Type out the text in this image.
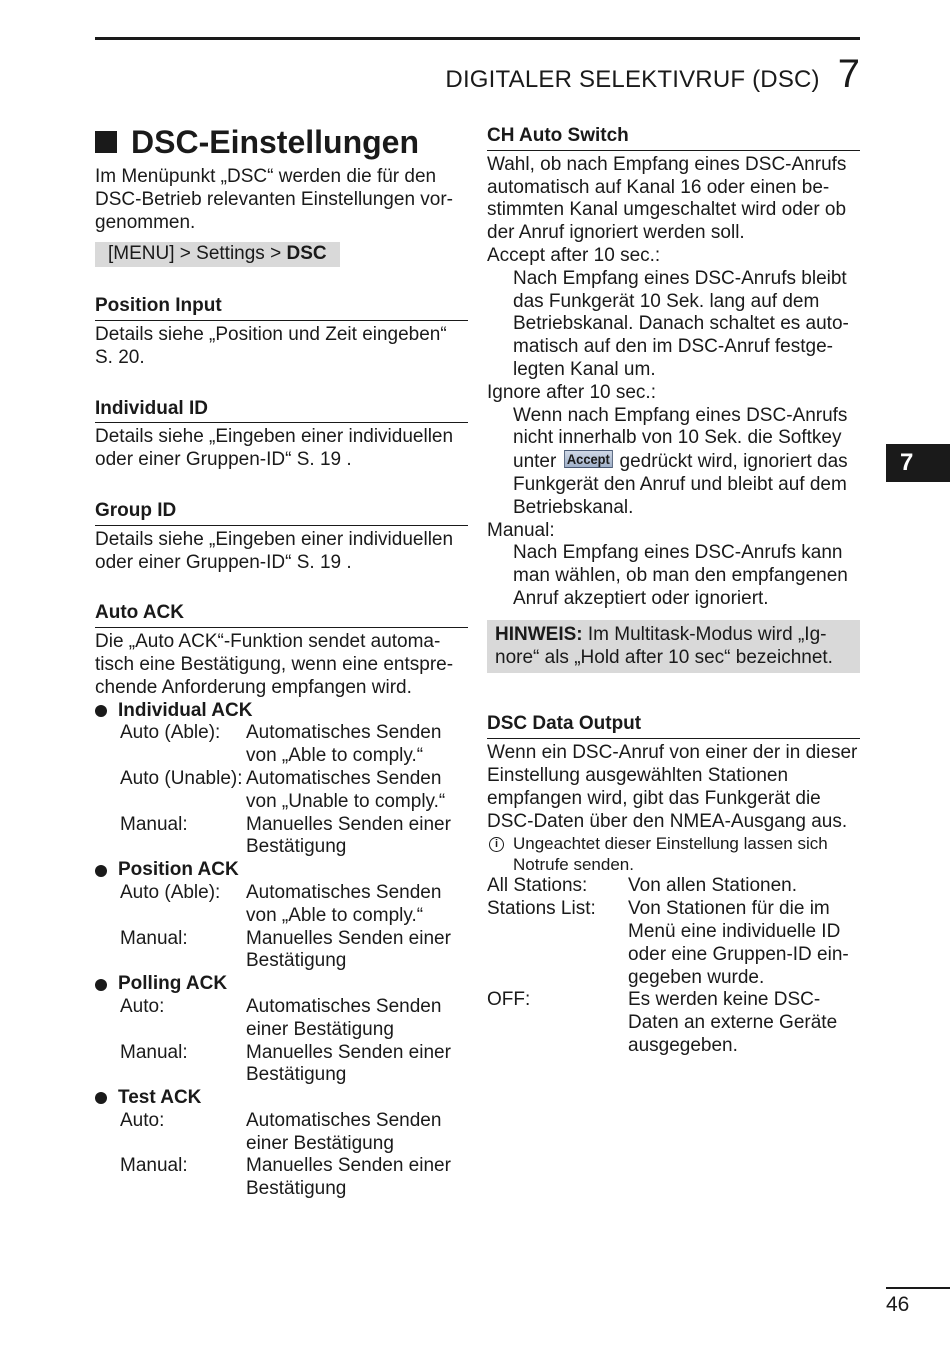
DIGITALER SELEKTIVRUF (DSC) 7
DSC-Einstellungen

Im Menüpunkt „DSC“ werden die für den DSC-Betrieb relevanten Einstellungen vor-genommen.

[MENU] > Settings > DSC
Position Input

Details siehe „Position und Zeit eingeben“ S. 20.

Individual ID

Details siehe „Eingeben einer individuellen oder einer Gruppen-ID“ S. 19 .

Group ID

Details siehe „Eingeben einer individuellen oder einer Gruppen-ID“ S. 19 .

Auto ACK

Die „Auto ACK“-Funktion sendet automa-tisch eine Bestätigung, wenn eine entspre-chende Anforderung empfangen wird.

Individual ACK
Auto (Able):	Automatisches Senden von „Able to comply.“
Auto (Unable): Automatisches Senden von „Unable to comply.“
Manual:	Manuelles Senden einer Bestätigung
Position ACK
Auto (Able):	Automatisches Senden von „Able to comply.“
Manual:	Manuelles Senden einer Bestätigung
Polling ACK
Auto:	Automatisches Senden einer Bestätigung
Manual:	Manuelles Senden einer Bestätigung
Test ACK
Auto:	Automatisches Senden einer Bestätigung
Manual:	Manuelles Senden einer Bestätigung
CH Auto Switch

Wahl, ob nach Empfang eines DSC-Anrufs automatisch auf Kanal 16 oder einen be-stimmten Kanal umgeschaltet wird oder ob der Anruf ignoriert werden soll.

Accept after 10 sec.:
Nach Empfang eines DSC-Anrufs bleibt das Funkgerät 10 Sek. lang auf dem Betriebskanal. Danach schaltet es auto-matisch auf den im DSC-Anruf festge-legten Kanal um.
Ignore after 10 sec.:
Wenn nach Empfang eines DSC-Anrufs nicht innerhalb von 10 Sek. die Softkey unter Accept gedrückt wird, ignoriert das Funkgerät den Anruf und bleibt auf dem Betriebskanal.
Manual:
Nach Empfang eines DSC-Anrufs kann man wählen, ob man den empfangenen Anruf akzeptiert oder ignoriert.
HINWEIS: Im Multitask-Modus wird „Ig-nore“ als „Hold after 10 sec“ bezeichnet.
DSC Data Output

Wenn ein DSC-Anruf von einer der in dieser Einstellung ausgewählten Stationen empfangen wird, gibt das Funkgerät die DSC-Daten über den NMEA-Ausgang aus.

i Ungeachtet dieser Einstellung lassen sich Notrufe senden.
All Stations:	Von allen Stationen.
Stations List:	Von Stationen für die im Menü eine individuelle ID oder eine Gruppen-ID ein-gegeben wurde.
OFF:	Es werden keine DSC-Daten an externe Geräte ausgegeben.
7
46
